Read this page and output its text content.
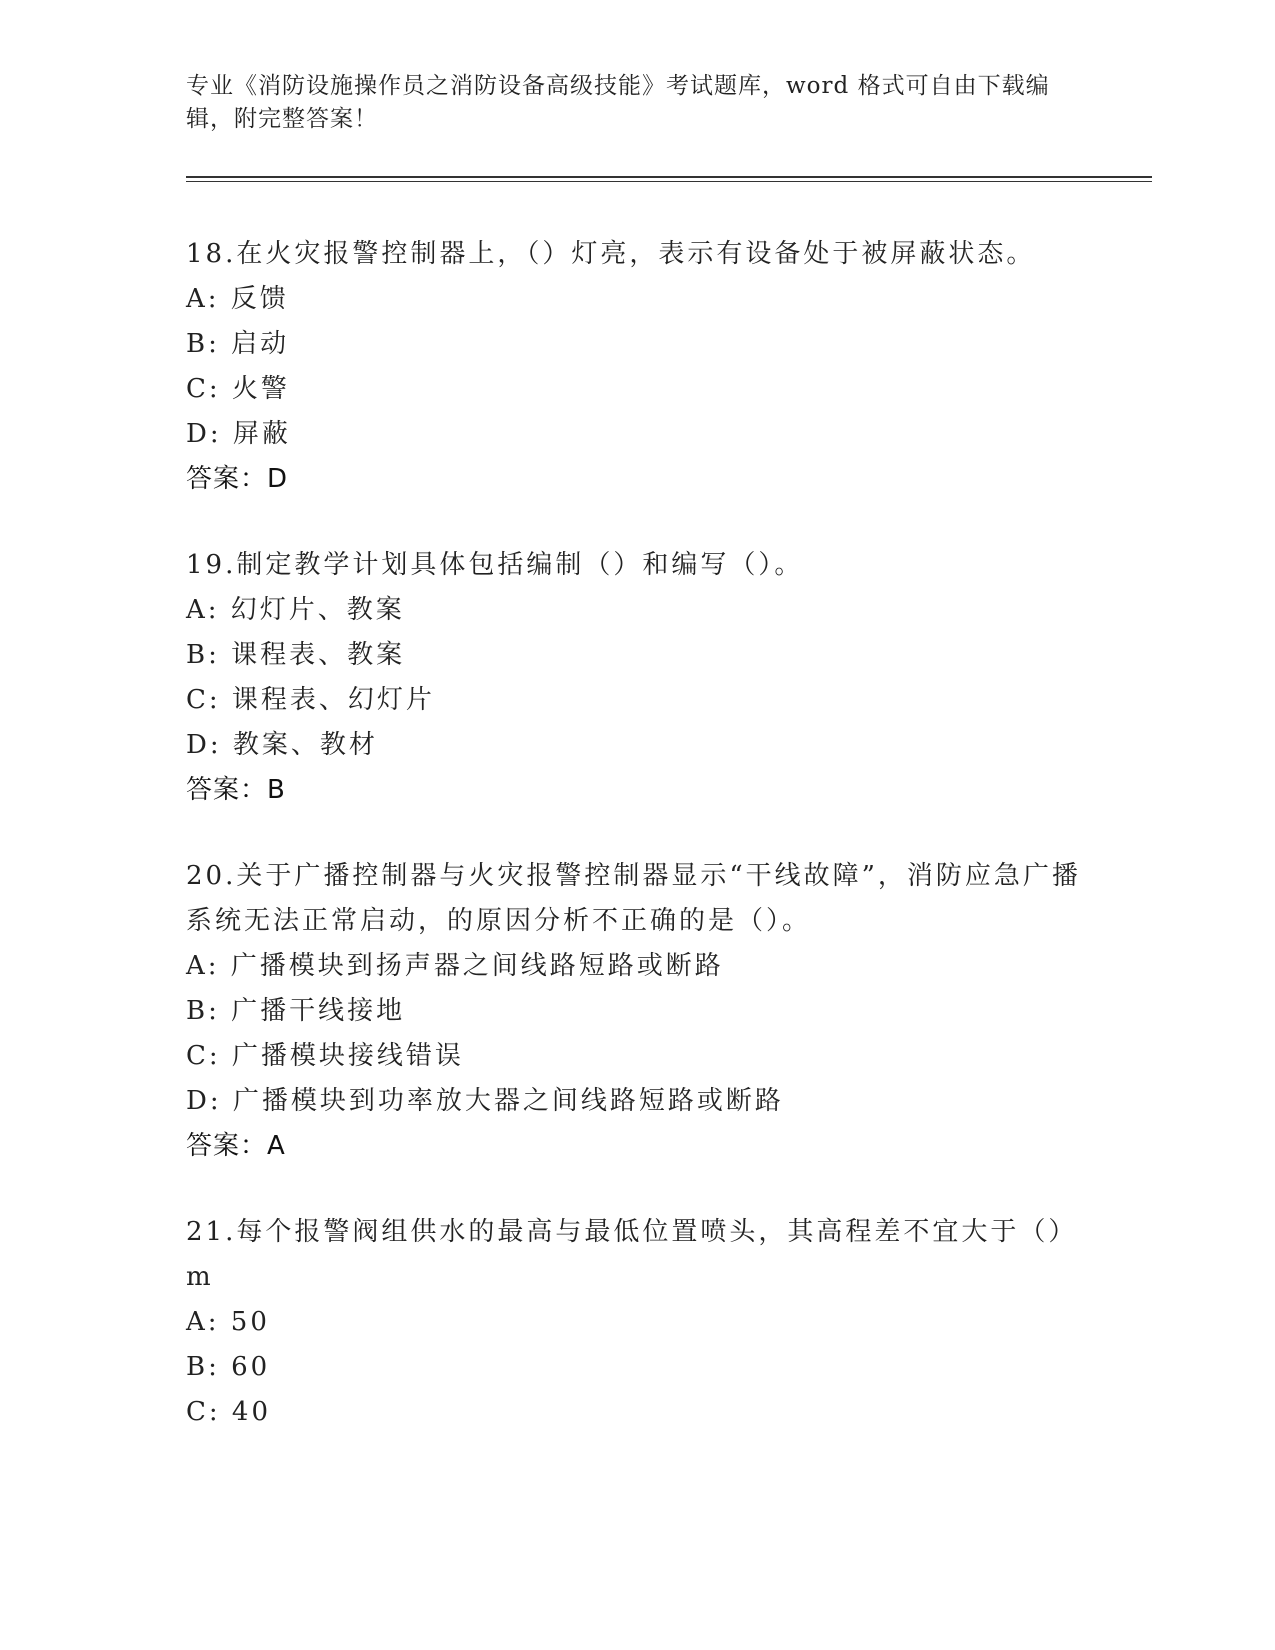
专业《消防设施操作员之消防设备高级技能》考试题库，word 格式可自由下载编辑，附完整答案！

18.在火灾报警控制器上，（）灯亮，表示有设备处于被屏蔽状态。

A: 反馈

B: 启动

C: 火警

D: 屏蔽

答案：D

19.制定教学计划具体包括编制（）和编写（）。

A: 幻灯片、教案

B: 课程表、教案

C: 课程表、幻灯片

D: 教案、教材

答案：B

20.关于广播控制器与火灾报警控制器显示“干线故障”，消防应急广播系统无法正常启动，的原因分析不正确的是（）。

A: 广播模块到扬声器之间线路短路或断路

B: 广播干线接地

C: 广播模块接线错误

D: 广播模块到功率放大器之间线路短路或断路

答案：A

21.每个报警阀组供水的最高与最低位置喷头，其高程差不宜大于（）m

A: 50

B: 60

C: 40
